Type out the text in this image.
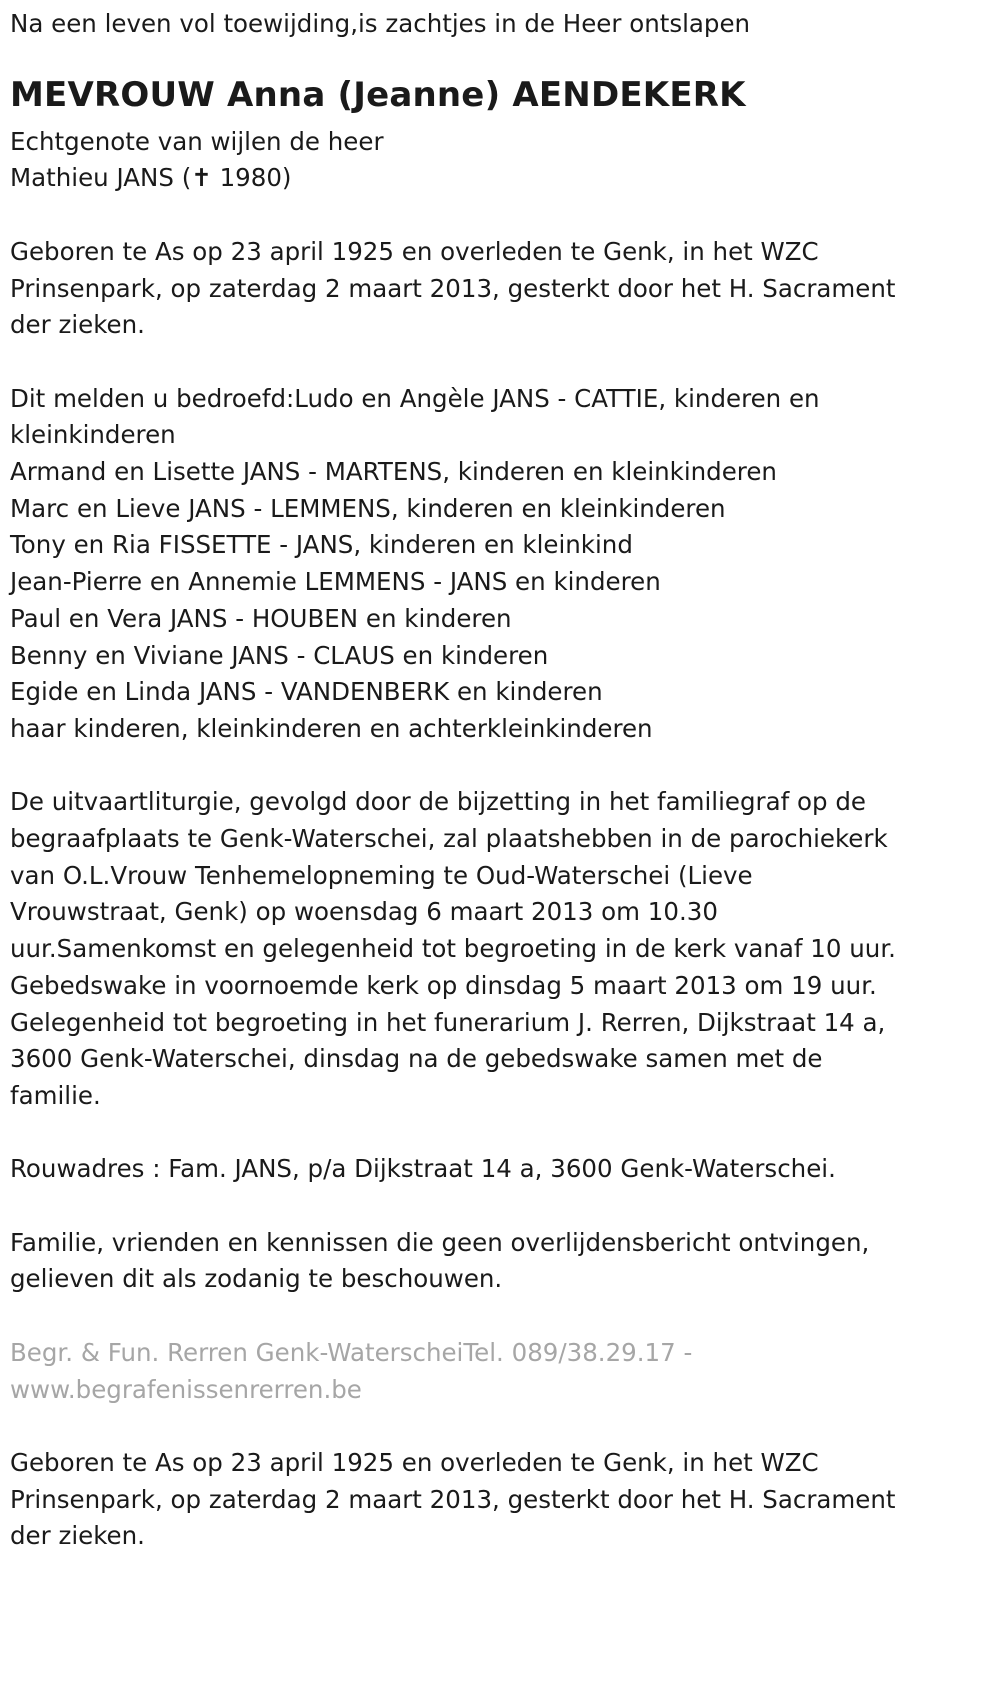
Na een leven vol toewijding,is zachtjes in de Heer ontslapen

MEVROUW Anna (Jeanne) AENDEKERK

Echtgenote van wijlen de heer

Mathieu JANS (✝ 1980)

Geboren te As op 23 april 1925 en overleden te Genk, in het WZC

Prinsenpark, op zaterdag 2 maart 2013, gesterkt door het H. Sacrament

der zieken.

Dit melden u bedroefd:Ludo en Angèle JANS - CATTIE, kinderen en

kleinkinderen

Armand en Lisette JANS - MARTENS, kinderen en kleinkinderen

Marc en Lieve JANS - LEMMENS, kinderen en kleinkinderen

Tony en Ria FISSETTE - JANS, kinderen en kleinkind

Jean-Pierre en Annemie LEMMENS - JANS en kinderen

Paul en Vera JANS - HOUBEN en kinderen

Benny en Viviane JANS - CLAUS en kinderen

Egide en Linda JANS - VANDENBERK en kinderen

haar kinderen, kleinkinderen en achterkleinkinderen

De uitvaartliturgie, gevolgd door de bijzetting in het familiegraf op de

begraafplaats te Genk-Waterschei, zal plaatshebben in de parochiekerk

van O.L.Vrouw Tenhemelopneming te Oud-Waterschei (Lieve

Vrouwstraat, Genk) op woensdag 6 maart 2013 om 10.30

uur.Samenkomst en gelegenheid tot begroeting in de kerk vanaf 10 uur.

Gebedswake in voornoemde kerk op dinsdag 5 maart 2013 om 19 uur.

Gelegenheid tot begroeting in het funerarium J. Rerren, Dijkstraat 14 a,

3600 Genk-Waterschei, dinsdag na de gebedswake samen met de

familie.

Rouwadres : Fam. JANS, p/a Dijkstraat 14 a, 3600 Genk-Waterschei.

Familie, vrienden en kennissen die geen overlijdensbericht ontvingen,

gelieven dit als zodanig te beschouwen.

Begr. & Fun. Rerren Genk-WaterscheiTel. 089/38.29.17 -

www.begrafenissenrerren.be

Geboren te As op 23 april 1925 en overleden te Genk, in het WZC

Prinsenpark, op zaterdag 2 maart 2013, gesterkt door het H. Sacrament

der zieken.
